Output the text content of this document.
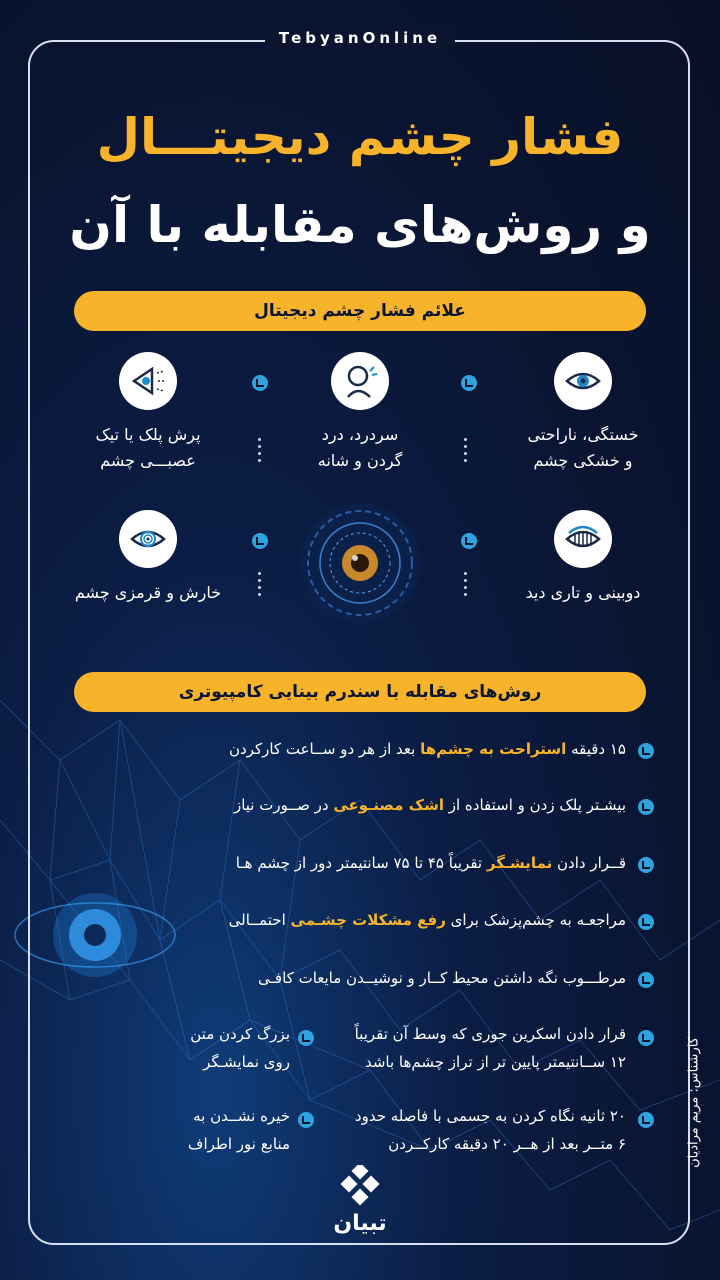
TebyanOnline
فشار چشم دیجیتـــال
و روش‌های مقابله با آن
علائم فشار چشم دیجیتال
خستگی، ناراحتی
و خشکی چشم
سردرد، درد
گردن و شانه
پرش پلک یا تیک
عصبـــی چشم
دوبینی و تاری دید
خارش و قرمزی چشم
روش‌های مقابله با سندرم بینایی کامپیوتری
۱۵ دقیقه استراحت به چشم‌ها بعد از هر دو ســاعت کارکردن
بیشـتر پلک زدن و استفاده از اشک مصنـوعی در صــورت نیاز
قــرار دادن نمایشـگر تقریباً ۴۵ تا ۷۵ سانتیمتر دور از چشم هـا
مراجعـه به چشم‌پزشک برای رفع مشکلات چشـمی احتمــالی
مرطـــوب نگه داشتن محیط کــار و نوشیــدن مایعات کافـی
قرار دادن اسکرین جوری که وسط آن تقریباً
۱۲ ســانتیمتر پایین تر از تراز چشم‌ها باشد
بزرگ کردن متن
روی نمایشـگر
۲۰ ثانیه نگاه کردن به جسمی با فاصله حدود
۶ متــر بعد از هــر ۲۰ دقیقه کارکــردن
خیره نشــدن به
منابع نور اطراف	کارشناس: مریم مرادیان
تبیان
